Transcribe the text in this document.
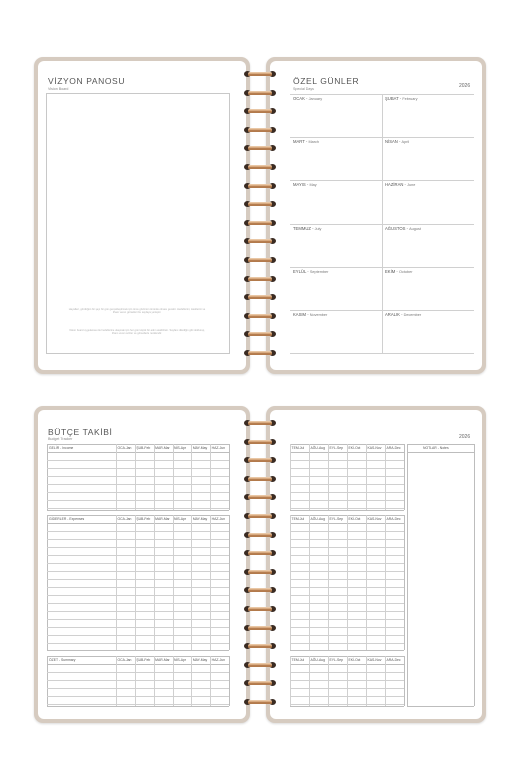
VİZYON PANOSU
Vision Board
Hayalleri, gördüğün bir şeyi bir gün gerçekleştirmek için önce gözünün önünde olması gerekir. Hedeflerini, isteklerini ve ilham veren görselleri bu sayfaya yerleştir.
Vision board uygulaması ile hedeflerine ulaşmak için her gün küçük bir adım atabilirsin. Sayfanı dilediğin gibi doldurup, ilham veren sözler ve görsellerle renklendir.
ÖZEL GÜNLER
Special Days	2026
OCAK - January	ŞUBAT - February
MART - March	NİSAN - April
MAYIS - May	HAZİRAN - June
TEMMUZ - July	AĞUSTOS - August
EYLÜL - September	EKİM - October
KASIM - November	ARALIK - December
BÜTÇE TAKİBİ
Budget Tracker	2026
GELİR - Income	OCA-Jan ŞUB-Feb MAR-Mar NİS-Apr MAY-May HAZ-Jun
GİDERLER - Expenses	OCA-Jan ŞUB-Feb MAR-Mar NİS-Apr MAY-May HAZ-Jun
ÖZET - Summary	OCA-Jan ŞUB-Feb MAR-Mar NİS-Apr MAY-May HAZ-Jun
TEM-Jul AĞU-Aug EYL-Sep EKİ-Oct KAS-Nov ARA-Dec
TEM-Jul AĞU-Aug EYL-Sep EKİ-Oct KAS-Nov ARA-Dec
TEM-Jul AĞU-Aug EYL-Sep EKİ-Oct KAS-Nov ARA-Dec
NOTLAR - Notes
